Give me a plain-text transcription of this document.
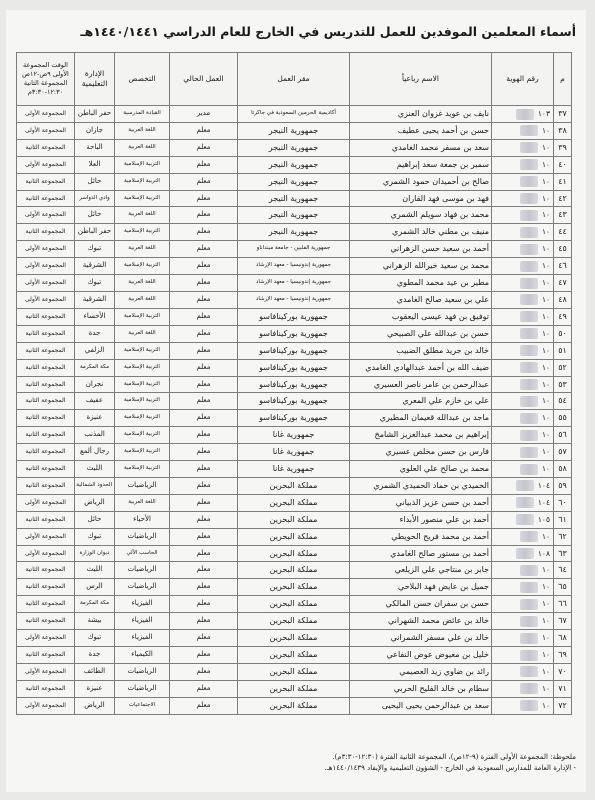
أسماء المعلمين الموفدين للعمل للتدريس في الخارج للعام الدراسي ١٤٤٠/١٤٤١هـ
م	رقم الهوية	الاسم رباعياً	مقر العمل	العمل الحالي	التخصص	الإدارة التعليمية	الوقت المجموعة الأولى ٩ص-١٢ص المجموعة الثانية ١٢:٣٠-٣:٣٠م
٣٧	١٠٣	نايف بن عويد غزوان العنزي	أكاديمية الحرمين السعودية في جاكرتا	مدير	القيادة المدرسية	حفر الباطن	المجموعة الأولى
٣٨	١٠	حسن بن أحمد يحيى عطيف	جمهورية النيجر	معلم	اللغة العربية	جازان	المجموعة الأولى
٣٩	١٠	سعد بن مسفر محمد الغامدي	جمهورية النيجر	معلم	اللغة العربية	الباحة	المجموعة الثانية
٤٠	١٠	سمير بن جمعة سعد إبراهيم	جمهورية النيجر	معلم	التربية الإسلامية	العلا	المجموعة الأولى
٤١	١٠	صالح بن أحميدان حمود الشمري	جمهورية النيجر	معلم	التربية الإسلامية	حائل	المجموعة الثانية
٤٢	١٠	فهد بن موسى فهد القاران	جمهورية النيجر	معلم	التربية الإسلامية	وادي الدواسر	المجموعة الثانية
٤٣	١٠	محمد بن فهاد سويلم الشمري	جمهورية النيجر	معلم	اللغة العربية	حائل	المجموعة الأولى
٤٤	١٠	منيف بن مطني خالد الشمري	جمهورية النيجر	معلم	التربية الإسلامية	حفر الباطن	المجموعة الثانية
٤٥	١٠	أحمد بن سعيد حسن الزهراني	جمهورية الفلبين - جامعة مينداناو	معلم	اللغة العربية	تبوك	المجموعة الأولى
٤٦	١٠	محمد بن سعيد خيرالله الزهراني	جمهورية إندونيسيا - معهد الإرشاد	معلم	التربية الإسلامية	الشرقية	المجموعة الأولى
٤٧	١٠	مطير بن عيد محمد المطوي	جمهورية إندونيسيا - معهد الإرشاد	معلم	اللغة العربية	تبوك	المجموعة الأولى
٤٨	١٠	علي بن سعيد صالح الغامدي	جمهورية إندونيسيا - معهد الإرشاد	معلم	اللغة العربية	الشرقية	المجموعة الأولى
٤٩	١٠	توفيق بن فهد عيسى اليعقوب	جمهورية بوركينافاسو	معلم	التربية الإسلامية	الأحساء	المجموعة الثانية
٥٠	١٠	حسن بن عبدالله علي الصبيحي	جمهورية بوركينافاسو	معلم	اللغة العربية	جدة	المجموعة الثانية
٥١	١٠	خالد بن جريد مطلق الضبيب	جمهورية بوركينافاسو	معلم	التربية الإسلامية	الزلفي	المجموعة الثانية
٥٢	١٠	ضيف الله بن أحمد عبدالهادي الغامدي	جمهورية بوركينافاسو	معلم	التربية الإسلامية	مكة المكرمة	المجموعة الثانية
٥٣	١٠	عبدالرحمن بن عامر ناصر العسيري	جمهورية بوركينافاسو	معلم	التربية الإسلامية	نجران	المجموعة الثانية
٥٤	١٠	علي بن خازم علي المعري	جمهورية بوركينافاسو	معلم	التربية الإسلامية	عفيف	المجموعة الثانية
٥٥	١٠	ماجد بن عبدالله قعيمان المطيري	جمهورية بوركينافاسو	معلم	التربية الإسلامية	عنيزة	المجموعة الثانية
٥٦	١٠	إبراهيم بن محمد عبدالعزيز الشامخ	جمهورية غانا	معلم	التربية الإسلامية	المذنب	المجموعة الثانية
٥٧	١٠	فارس بن حسن مخلص عسيري	جمهورية غانا	معلم	التربية الإسلامية	رجال ألمع	المجموعة الثانية
٥٨	١٠	محمد بن صالح علي العلوي	جمهورية غانا	معلم	التربية الإسلامية	الليث	المجموعة الثانية
٥٩	١٠٤	الحميدي بن حماد الحميدي الشمري	مملكة البحرين	معلم	الرياضيات	الحدود الشمالية	المجموعة الثانية
٦٠	١٠٤	أحمد بن حسن عزيز الذبياني	مملكة البحرين	معلم	اللغة العربية	الرياض	المجموعة الأولى
٦١	١٠٥	أحمد بن علي منصور الأبداء	مملكة البحرين	معلم	الأحياء	حائل	المجموعة الثانية
٦٢	١٠	أحمد بن محمد فريح الحويطي	مملكة البحرين	معلم	الرياضيات	تبوك	المجموعة الأولى
٦٣	١٠٨	أحمد بن مستور صالح الغامدي	مملكة البحرين	معلم	الحاسب الآلي	ديوان الوزارة	المجموعة الأولى
٦٤	١٠	جابر بن منتاجي علي الزيلعي	مملكة البحرين	معلم	الرياضيات	الليث	المجموعة الثانية
٦٥	١٠	جميل بن عايض فهد البلاحي	مملكة البحرين	معلم	الرياضيات	الرس	المجموعة الثانية
٦٦	١٠	حسن بن سفران حسن المالكي	مملكة البحرين	معلم	الفيزياء	مكة المكرمة	المجموعة الثانية
٦٧	١٠	خالد بن عائض محمد الشهراني	مملكة البحرين	معلم	الفيزياء	بيشة	المجموعة الثانية
٦٨	١٠	خالد بن علي مسفر الشمراني	مملكة البحرين	معلم	الفيزياء	تبوك	المجموعة الأولى
٦٩	١٠	خليل بن معيوض عوض النفاعي	مملكة البحرين	معلم	الكيمياء	جدة	المجموعة الثانية
٧٠	١٠	رائد بن ضاوي زيد العصيمي	مملكة البحرين	معلم	الرياضيات	الطائف	المجموعة الأولى
٧١	١٠	سطام بن خالد الفليح الحربي	مملكة البحرين	معلم	الرياضيات	عنيزة	المجموعة الثانية
٧٢	١٠	سعد بن عبدالرحمن يحيى اليحيى	مملكة البحرين	معلم	الاجتماعيات	الرياض	المجموعة الأولى
ملحوظة: المجموعة الأولى الفترة (٩-١٢ص)، المجموعة الثانية الفترة (١٢:٣٠-٣:٣٠م).
- الإدارة العامة للمدارس السعودية في الخارج - الشؤون التعليمية والإيفاد ١٤٤٠/١٤٣٩هـ.
